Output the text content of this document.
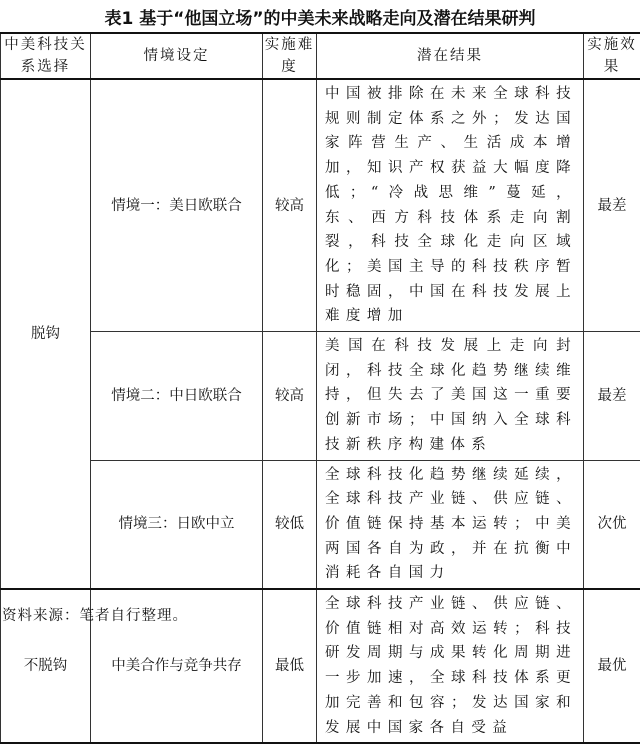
表1 基于“他国立场”的中美未来战略走向及潜在结果研判
中美科技关系选择	情境设定	实施难度	潜在结果	实施效果
脱钩	情境一：美日欧联合	较高	中国被排除在未来全球科技规则制定体系之外；发达国家阵营生产、生活成本增加，知识产权获益大幅度降低；“冷战思维”蔓延，东、西方科技体系走向割裂，科技全球化走向区域化；美国主导的科技秩序暂时稳固，中国在科技发展上难度增加	最差
	情境二：中日欧联合	较高	美国在科技发展上走向封闭，科技全球化趋势继续维持，但失去了美国这一重要创新市场；中国纳入全球科技新秩序构建体系	最差
	情境三：日欧中立	较低	全球科技化趋势继续延续，全球科技产业链、供应链、价值链保持基本运转；中美两国各自为政，并在抗衡中消耗各自国力	次优
不脱钩	中美合作与竞争共存	最低	全球科技产业链、供应链、价值链相对高效运转；科技研发周期与成果转化周期进一步加速，全球科技体系更加完善和包容；发达国家和发展中国家各自受益	最优
资料来源：笔者自行整理。
